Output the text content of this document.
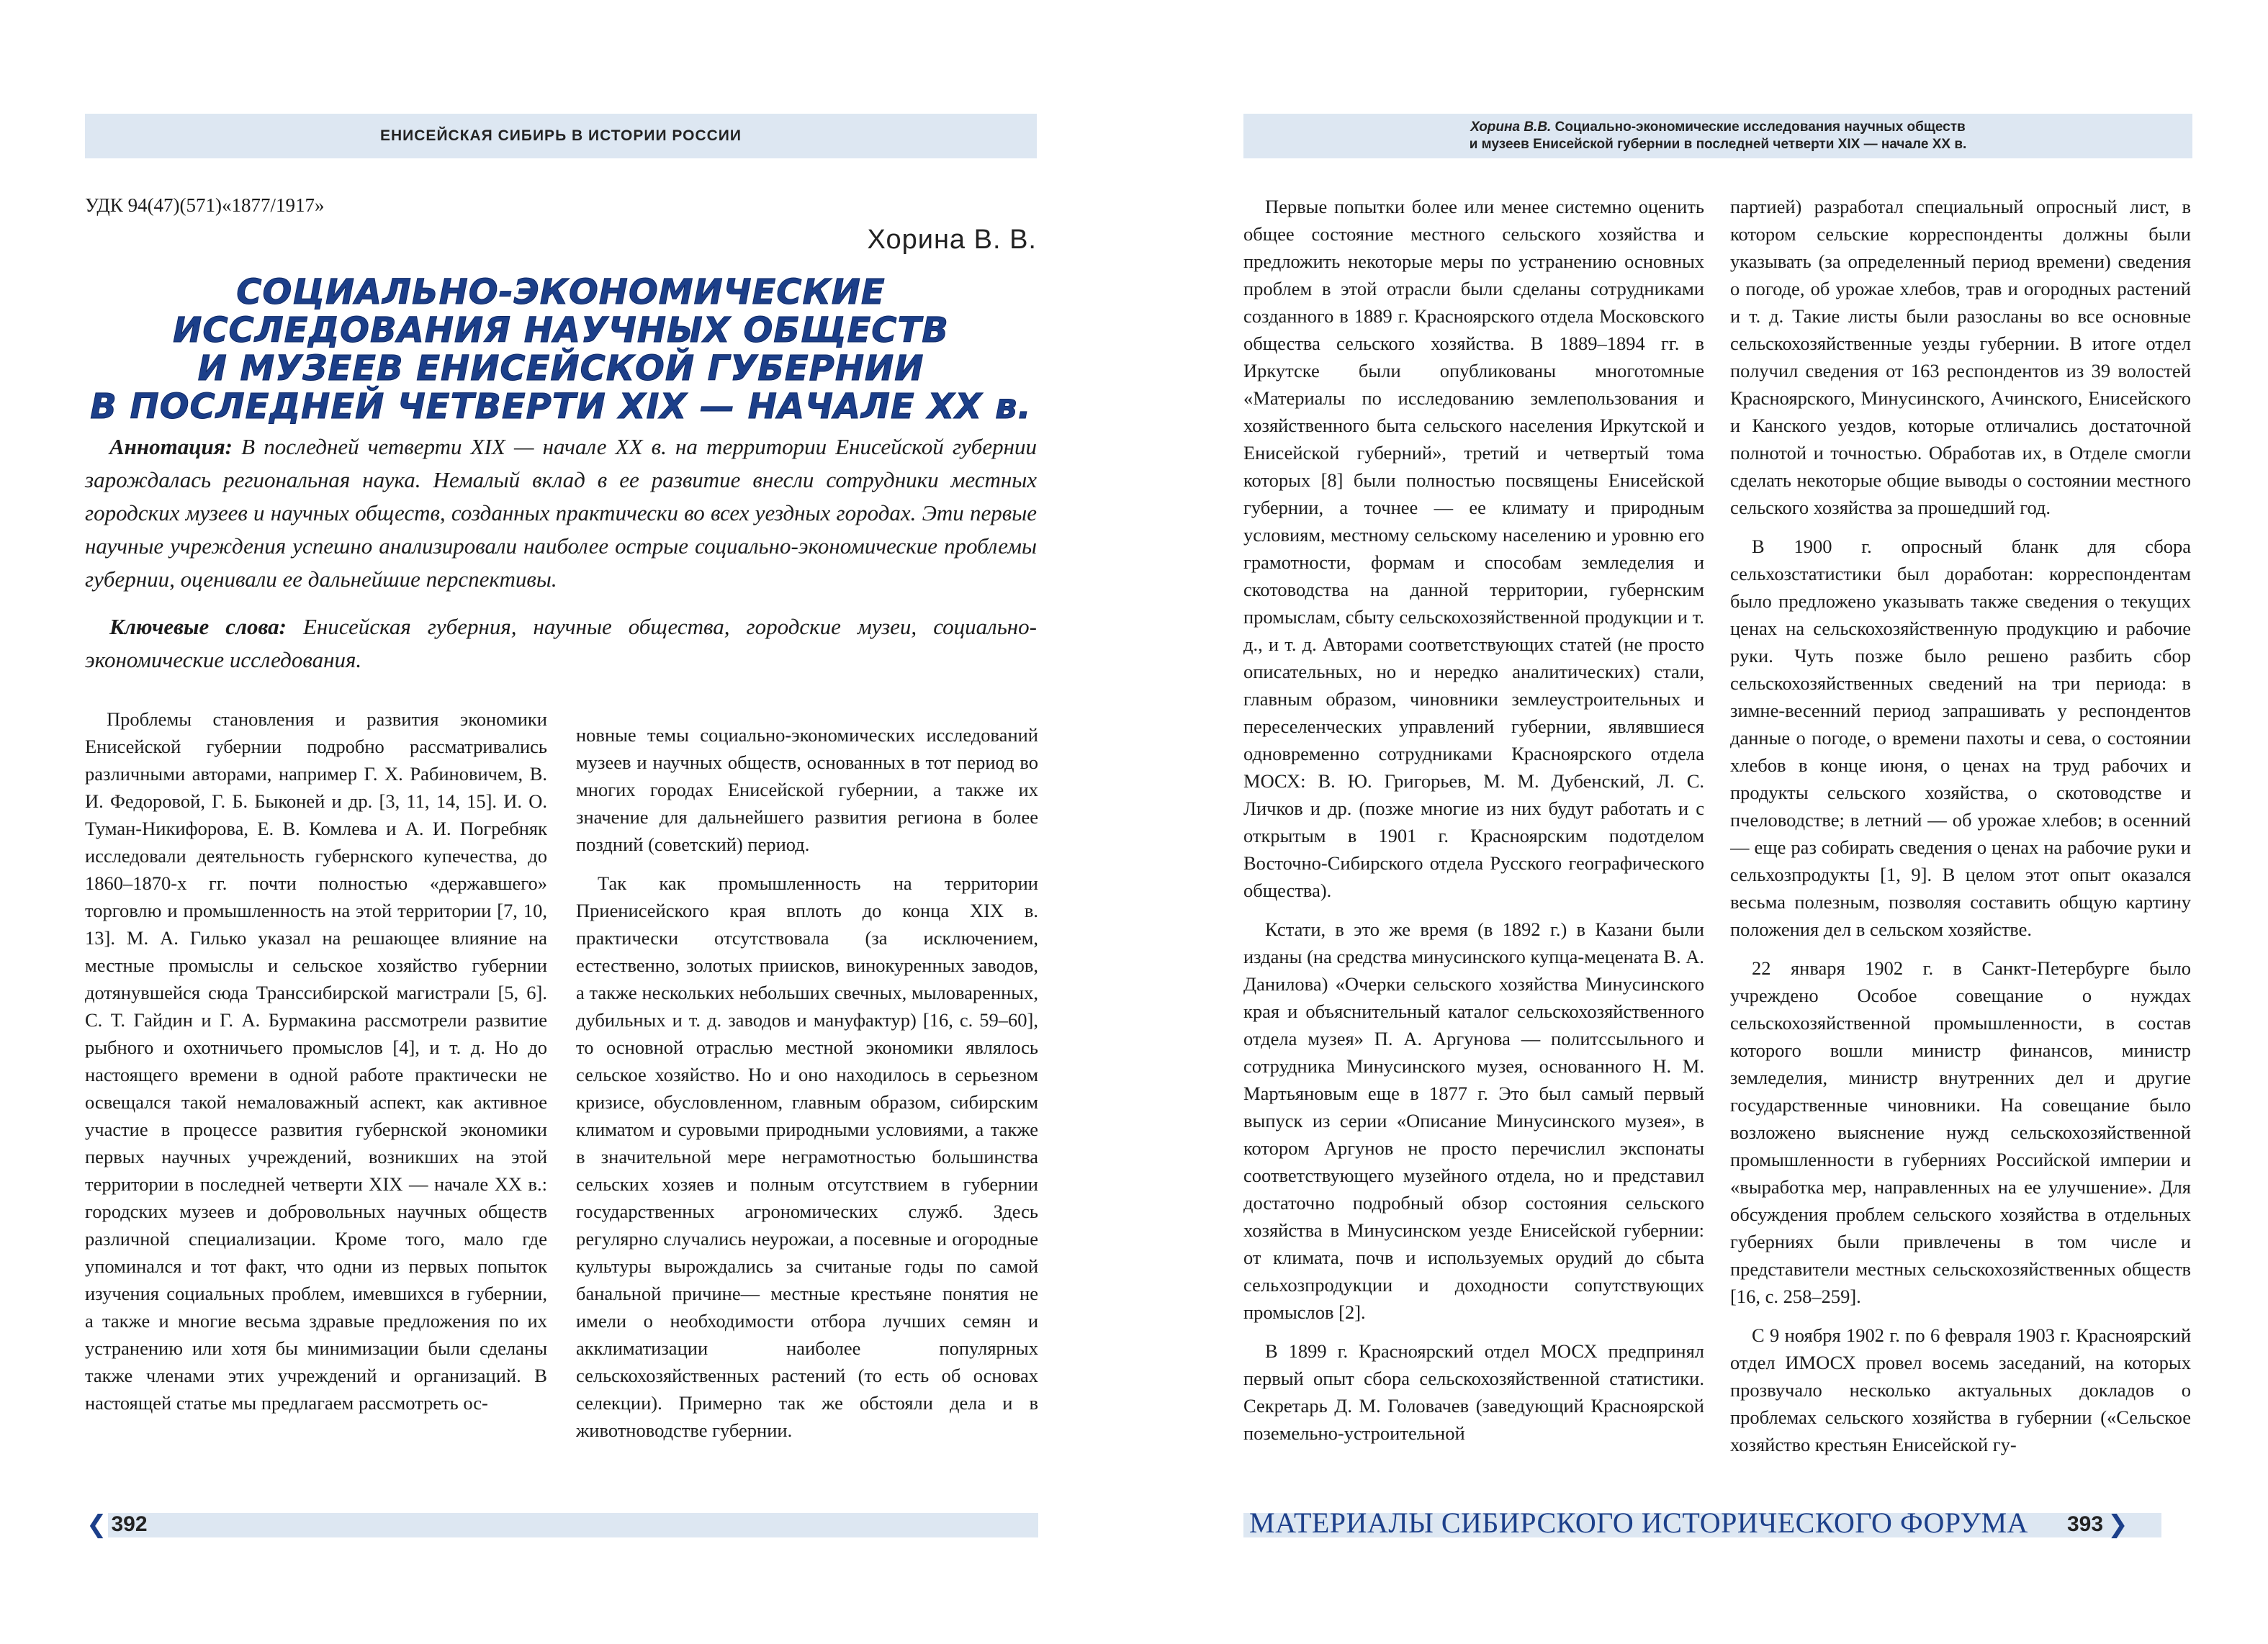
ЕНИСЕЙСКАЯ СИБИРЬ В ИСТОРИИ РОССИИ
УДК 94(47)(571)«1877/1917»
Хорина В. В.
СОЦИАЛЬНО-ЭКОНОМИЧЕСКИЕ
ИССЛЕДОВАНИЯ НАУЧНЫХ ОБЩЕСТВ
И МУЗЕЕВ ЕНИСЕЙСКОЙ ГУБЕРНИИ
В ПОСЛЕДНЕЙ ЧЕТВЕРТИ XIX — НАЧАЛЕ XX в.

Аннотация: В последней четверти XIX — начале XX в. на территории Енисейской губернии зарождалась региональная наука. Немалый вклад в ее развитие внесли сотрудники местных городских музеев и научных обществ, созданных практически во всех уездных городах. Эти первые научные учреждения успешно анализировали наиболее острые социально-экономические проблемы губернии, оценивали ее дальнейшие перспективы.

Ключевые слова: Енисейская губерния, научные общества, городские музеи, социально-экономические исследования.

Проблемы становления и развития экономики Енисейской губернии подробно рассматривались различными авторами, например Г. Х. Рабиновичем, В. И. Федоровой, Г. Б. Быконей и др. [3, 11, 14, 15]. И. О. Туман-Никифорова, Е. В. Комлева и А. И. Погребняк исследовали деятельность губернского купечества, до 1860–1870-х гг. почти полностью «державшего» торговлю и промышленность на этой территории [7, 10, 13]. М. А. Гилько указал на решающее влияние на местные промыслы и сельское хозяйство губернии дотянувшейся сюда Транссибирской магистрали [5, 6]. С. Т. Гайдин и Г. А. Бурмакина рассмотрели развитие рыбного и охотничьего промыслов [4], и т. д. Но до настоящего времени в одной работе практически не освещался такой немаловажный аспект, как активное участие в процессе развития губернской экономики первых научных учреждений, возникших на этой территории в последней четверти XIX — начале XX в.: городских музеев и добровольных научных обществ различной специализации. Кроме того, мало где упоминался и тот факт, что одни из первых попыток изучения социальных проблем, имевшихся в губернии, а также и многие весьма здравые предложения по их устранению или хотя бы минимизации были сделаны также членами этих учреждений и организаций. В настоящей статье мы предлагаем рассмотреть ос-

новные темы социально-экономических исследований музеев и научных обществ, основанных в тот период во многих городах Енисейской губернии, а также их значение для дальнейшего развития региона в более поздний (советский) период.

Так как промышленность на территории Приенисейского края вплоть до конца XIX в. практически отсутствовала (за исключением, естественно, золотых приисков, винокуренных заводов, а также нескольких небольших свечных, мыловаренных, дубильных и т. д. заводов и мануфактур) [16, с. 59–60], то основной отраслью местной экономики являлось сельское хозяйство. Но и оно находилось в серьезном кризисе, обусловленном, главным образом, сибирским климатом и суровыми природными условиями, а также в значительной мере неграмотностью большинства сельских хозяев и полным отсутствием в губернии государственных агрономических служб. Здесь регулярно случались неурожаи, а посевные и огородные культуры вырождались за считаные годы по самой банальной причине— местные крестьяне понятия не имели о необходимости отбора лучших семян и акклиматизации наиболее популярных сельскохозяйственных растений (то есть об основах селекции). Примерно так же обстояли дела и в животноводстве губернии.

❮ 392
Хорина В.В. Социально-экономические исследования научных обществ
и музеев Енисейской губернии в последней четверти XIX — начале XX в.

Первые попытки более или менее системно оценить общее состояние местного сельского хозяйства и предложить некоторые меры по устранению основных проблем в этой отрасли были сделаны сотрудниками созданного в 1889 г. Красноярского отдела Московского общества сельского хозяйства. В 1889–1894 гг. в Иркутске были опубликованы многотомные «Материалы по исследованию землепользования и хозяйственного быта сельского населения Иркутской и Енисейской губерний», третий и четвертый тома которых [8] были полностью посвящены Енисейской губернии, а точнее — ее климату и природным условиям, местному сельскому населению и уровню его грамотности, формам и способам земледелия и скотоводства на данной территории, губернским промыслам, сбыту сельскохозяйственной продукции и т. д., и т. д. Авторами соответствующих статей (не просто описательных, но и нередко аналитических) стали, главным образом, чиновники землеустроительных и переселенческих управлений губернии, являвшиеся одновременно сотрудниками Красноярского отдела МОСХ: В. Ю. Григорьев, М. М. Дубенский, Л. С. Личков и др. (позже многие из них будут работать и с открытым в 1901 г. Красноярским подотделом Восточно-Сибирского отдела Русского географического общества).

Кстати, в это же время (в 1892 г.) в Казани были изданы (на средства минусинского купца-мецената В. А. Данилова) «Очерки сельского хозяйства Минусинского края и объяснительный каталог сельскохозяйственного отдела музея» П. А. Аргунова — политссыльного и сотрудника Минусинского музея, основанного Н. М. Мартьяновым еще в 1877 г. Это был самый первый выпуск из серии «Описание Минусинского музея», в котором Аргунов не просто перечислил экспонаты соответствующего музейного отдела, но и представил достаточно подробный обзор состояния сельского хозяйства в Минусинском уезде Енисейской губернии: от климата, почв и используемых орудий до сбыта сельхозпродукции и доходности сопутствующих промыслов [2].

В 1899 г. Красноярский отдел МОСХ предпринял первый опыт сбора сельскохозяйственной статистики. Секретарь Д. М. Головачев (заведующий Красноярской поземельно-устроительной

партией) разработал специальный опросный лист, в котором сельские корреспонденты должны были указывать (за определенный период времени) сведения о погоде, об урожае хлебов, трав и огородных растений и т. д. Такие листы были разосланы во все основные сельскохозяйственные уезды губернии. В итоге отдел получил сведения от 163 респондентов из 39 волостей Красноярского, Минусинского, Ачинского, Енисейского и Канского уездов, которые отличались достаточной полнотой и точностью. Обработав их, в Отделе смогли сделать некоторые общие выводы о состоянии местного сельского хозяйства за прошедший год.

В 1900 г. опросный бланк для сбора сельхозстатистики был доработан: корреспондентам было предложено указывать также сведения о текущих ценах на сельскохозяйственную продукцию и рабочие руки. Чуть позже было решено разбить сбор сельскохозяйственных сведений на три периода: в зимне-весенний период запрашивать у респондентов данные о погоде, о времени пахоты и сева, о состоянии хлебов в конце июня, о ценах на труд рабочих и продукты сельского хозяйства, о скотоводстве и пчеловодстве; в летний — об урожае хлебов; в осенний — еще раз собирать сведения о ценах на рабочие руки и сельхозпродукты [1, 9]. В целом этот опыт оказался весьма полезным, позволяя составить общую картину положения дел в сельском хозяйстве.

22 января 1902 г. в Санкт-Петербурге было учреждено Особое совещание о нуждах сельскохозяйственной промышленности, в состав которого вошли министр финансов, министр земледелия, министр внутренних дел и другие государственные чиновники. На совещание было возложено выяснение нужд сельскохозяйственной промышленности в губерниях Российской империи и «выработка мер, направленных на ее улучшение». Для обсуждения проблем сельского хозяйства в отдельных губерниях были привлечены в том числе и представители местных сельскохозяйственных обществ [16, с. 258–259].

С 9 ноября 1902 г. по 6 февраля 1903 г. Красноярский отдел ИМОСХ провел восемь заседаний, на которых прозвучало несколько актуальных докладов о проблемах сельского хозяйства в губернии («Сельское хозяйство крестьян Енисейской гу-

МАТЕРИАЛЫ СИБИРСКОГО ИСТОРИЧЕСКОГО ФОРУМА 393 ❯
